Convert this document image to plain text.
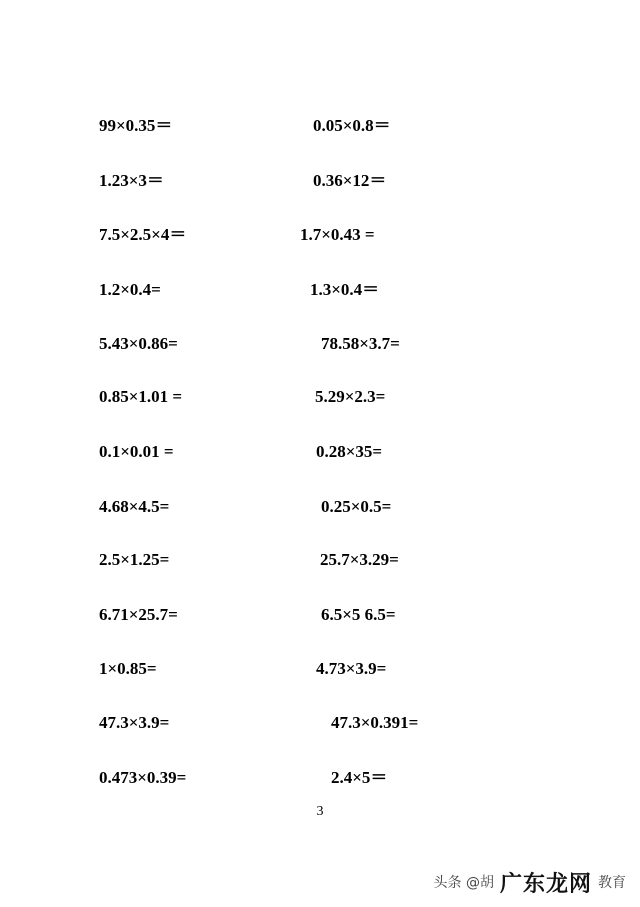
99×0.35＝	0.05×0.8＝
1.23×3＝	0.36×12＝
7.5×2.5×4＝	1.7×0.43 =
1.2×0.4=	1.3×0.4＝
5.43×0.86=	78.58×3.7=
0.85×1.01 =	5.29×2.3=
0.1×0.01 =	0.28×35=
4.68×4.5=	0.25×0.5=
2.5×1.25=	25.7×3.29=
6.71×25.7=	6.5×5 6.5=
1×0.85=	4.73×3.9=
47.3×3.9=	47.3×0.391=
0.473×0.39=	2.4×5＝
3
头条 @胡 广东龙网 教育
